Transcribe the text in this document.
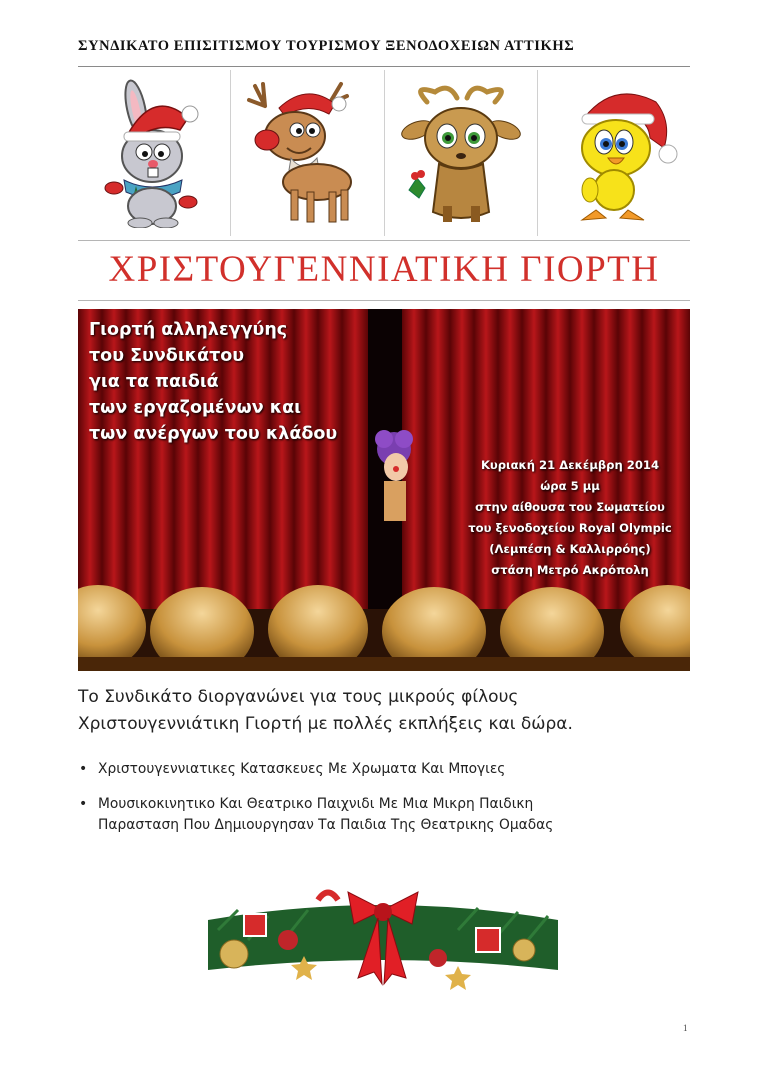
ΣΥΝΔΙΚΑΤΟ ΕΠΙΣΙΤΙΣΜΟΥ ΤΟΥΡΙΣΜΟΥ ΞΕΝΟΔΟΧΕΙΩΝ ΑΤΤΙΚΗΣ
ΧΡΙΣΤΟΥΓΕΝΝΙΑΤΙΚΗ ΓΙΟΡΤΗ
Γιορτή αλληλεγγύης
του Συνδικάτου
για τα παιδιά
των εργαζομένων και
των ανέργων του κλάδου
Κυριακή 21 Δεκέμβρη 2014
ώρα 5 μμ
στην αίθουσα του Σωματείου
του ξενοδοχείου Royal Olympic
(Λεμπέση & Καλλιρρόης)
στάση Μετρό Ακρόπολη
Το Συνδικάτο διοργανώνει για τους μικρούς φίλους
Χριστουγεννιάτικη Γιορτή με πολλές εκπλήξεις και δώρα.
• Χριστουγεννιατικες Κατασκευες Με Χρωματα Και Μπογιες
• Μουσικοκινητικο Και Θεατρικο Παιχνιδι Με Μια Μικρη Παιδικη
Παρασταση Που Δημιουργησαν Τα Παιδια Της Θεατρικης Ομαδας
1
